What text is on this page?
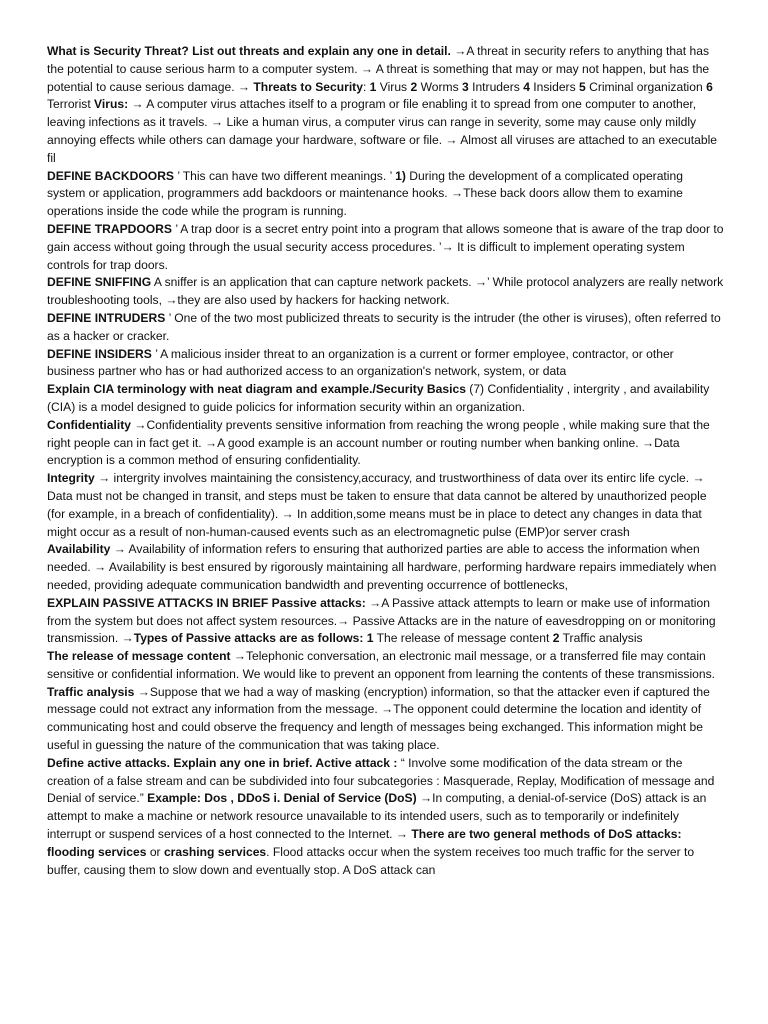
What is Security Threat? List out threats and explain any one in detail. →A threat in security refers to anything that has the potential to cause serious harm to a computer system. → A threat is something that may or may not happen, but has the potential to cause serious damage. → Threats to Security: 1 Virus 2 Worms 3 Intruders 4 Insiders 5 Criminal organization 6 Terrorist Virus: → A computer virus attaches itself to a program or file enabling it to spread from one computer to another, leaving infections as it travels. → Like a human virus, a computer virus can range in severity, some may cause only mildly annoying effects while others can damage your hardware, software or file. → Almost all viruses are attached to an executable fil

DEFINE BACKDOORS ’ This can have two different meanings. ’ 1) During the development of a complicated operating system or application, programmers add backdoors or maintenance hooks. →These back doors allow them to examine operations inside the code while the program is running.

DEFINE TRAPDOORS ’ A trap door is a secret entry point into a program that allows someone that is aware of the trap door to gain access without going through the usual security access procedures. ’→ It is difficult to implement operating system controls for trap doors.

DEFINE SNIFFING A sniffer is an application that can capture network packets. →’ While protocol analyzers are really network troubleshooting tools, →they are also used by hackers for hacking network.

DEFINE INTRUDERS ’ One of the two most publicized threats to security is the intruder (the other is viruses), often referred to as a hacker or cracker.

DEFINE INSIDERS ’ A malicious insider threat to an organization is a current or former employee, contractor, or other business partner who has or had authorized access to an organization's network, system, or data

Explain CIA terminology with neat diagram and example./Security Basics (7) Confidentiality , intergrity , and availability (CIA) is a model designed to guide policics for information security within an organization.

Confidentiality →Confidentiality prevents sensitive information from reaching the wrong people , while making sure that the right people can in fact get it. →A good example is an account number or routing number when banking online. →Data encryption is a common method of ensuring confidentiality.

Integrity → intergrity involves maintaining the consistency,accuracy, and trustworthiness of data over its entirc life cycle. → Data must not be changed in transit, and steps must be taken to ensure that data cannot be altered by unauthorized people (for example, in a breach of confidentiality). → In addition,some means must be in place to detect any changes in data that might occur as a result of non-human-caused events such as an electromagnetic pulse (EMP)or server crash

Availability → Availability of information refers to ensuring that authorized parties are able to access the information when needed. → Availability is best ensured by rigorously maintaining all hardware, performing hardware repairs immediately when needed, providing adequate communication bandwidth and preventing occurrence of bottlenecks,

EXPLAIN PASSIVE ATTACKS IN BRIEF Passive attacks: →A Passive attack attempts to learn or make use of information from the system but does not affect system resources.→ Passive Attacks are in the nature of eavesdropping on or monitoring transmission. →Types of Passive attacks are as follows: 1 The release of message content 2 Traffic analysis

The release of message content →Telephonic conversation, an electronic mail message, or a transferred file may contain sensitive or confidential information. We would like to prevent an opponent from learning the contents of these transmissions.

Traffic analysis →Suppose that we had a way of masking (encryption) information, so that the attacker even if captured the message could not extract any information from the message. →The opponent could determine the location and identity of communicating host and could observe the frequency and length of messages being exchanged. This information might be useful in guessing the nature of the communication that was taking place.

Define active attacks. Explain any one in brief. Active attack : “ Involve some modification of the data stream or the creation of a false stream and can be subdivided into four subcategories : Masquerade, Replay, Modification of message and Denial of service.” Example: Dos , DDoS i. Denial of Service (DoS) →In computing, a denial-of-service (DoS) attack is an attempt to make a machine or network resource unavailable to its intended users, such as to temporarily or indefinitely interrupt or suspend services of a host connected to the Internet. → There are two general methods of DoS attacks: flooding services or crashing services. Flood attacks occur when the system receives too much traffic for the server to buffer, causing them to slow down and eventually stop. A DoS attack can
